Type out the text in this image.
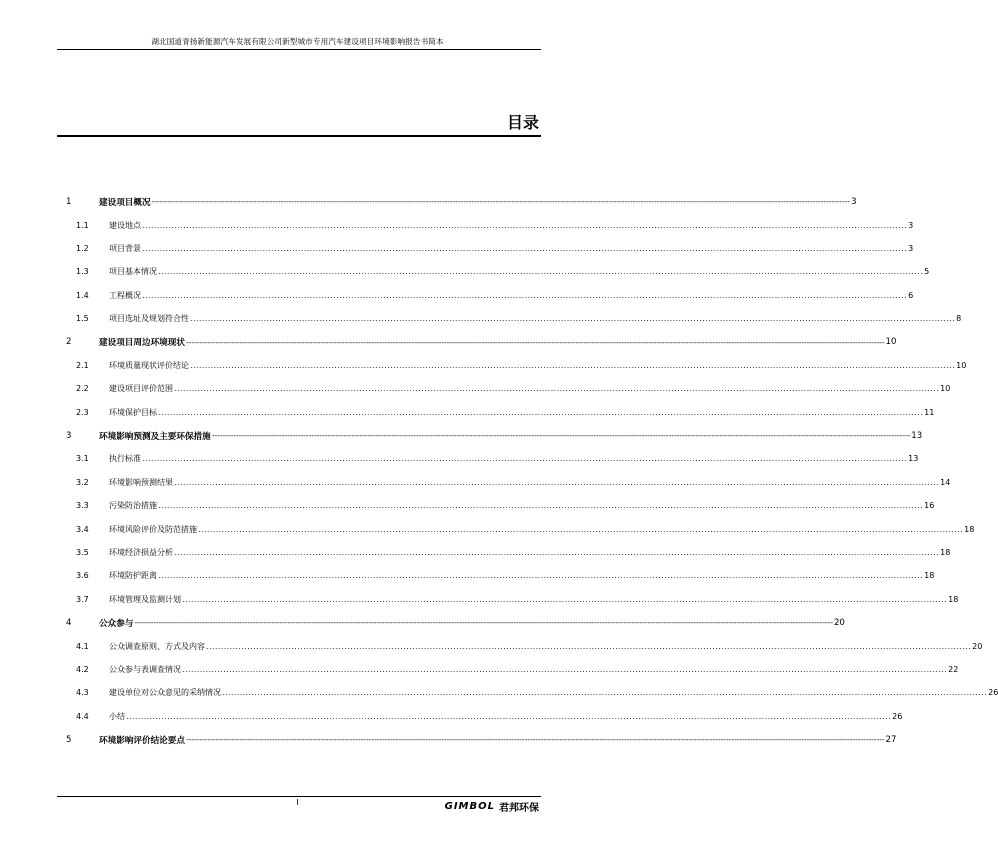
湖北国道青扬新能源汽车发展有限公司新型城市专用汽车建设项目环境影响报告书简本
目录
1	建设项目概况 -------------------------------------------------------------------------------------------------------------------------------------------------------------------------------------------------------------------------------------------------------------------- 3
1.1	建设地点 .................................................................................................................................................................................................................................................................... 3
1.2	项目背景 .................................................................................................................................................................................................................................................................... 3
1.3	项目基本情况 .................................................................................................................................................................................................................................................................... 5
1.4	工程概况 .................................................................................................................................................................................................................................................................... 6
1.5	项目选址及规划符合性 .................................................................................................................................................................................................................................................................... 8
2	建设项目周边环境现状 -------------------------------------------------------------------------------------------------------------------------------------------------------------------------------------------------------------------------------------------------------------------- 10
2.1	环境质量现状评价结论 .................................................................................................................................................................................................................................................................... 10
2.2	建设项目评价范围 .................................................................................................................................................................................................................................................................... 10
2.3	环境保护目标 .................................................................................................................................................................................................................................................................... 11
3	环境影响预测及主要环保措施 -------------------------------------------------------------------------------------------------------------------------------------------------------------------------------------------------------------------------------------------------------------------- 13
3.1	执行标准 .................................................................................................................................................................................................................................................................... 13
3.2	环境影响预测结果 .................................................................................................................................................................................................................................................................... 14
3.3	污染防治措施 .................................................................................................................................................................................................................................................................... 16
3.4	环境风险评价及防范措施 .................................................................................................................................................................................................................................................................... 18
3.5	环境经济损益分析 .................................................................................................................................................................................................................................................................... 18
3.6	环境防护距离 .................................................................................................................................................................................................................................................................... 18
3.7	环境管理及监测计划 .................................................................................................................................................................................................................................................................... 18
4	公众参与 -------------------------------------------------------------------------------------------------------------------------------------------------------------------------------------------------------------------------------------------------------------------- 20
4.1	公众调查原则、方式及内容 .................................................................................................................................................................................................................................................................... 20
4.2	公众参与表调查情况 .................................................................................................................................................................................................................................................................... 22
4.3	建设单位对公众意见的采纳情况 .................................................................................................................................................................................................................................................................... 26
4.4	小结 .................................................................................................................................................................................................................................................................... 26
5	环境影响评价结论要点 -------------------------------------------------------------------------------------------------------------------------------------------------------------------------------------------------------------------------------------------------------------------- 27
I	GIMBOL 君邦环保
